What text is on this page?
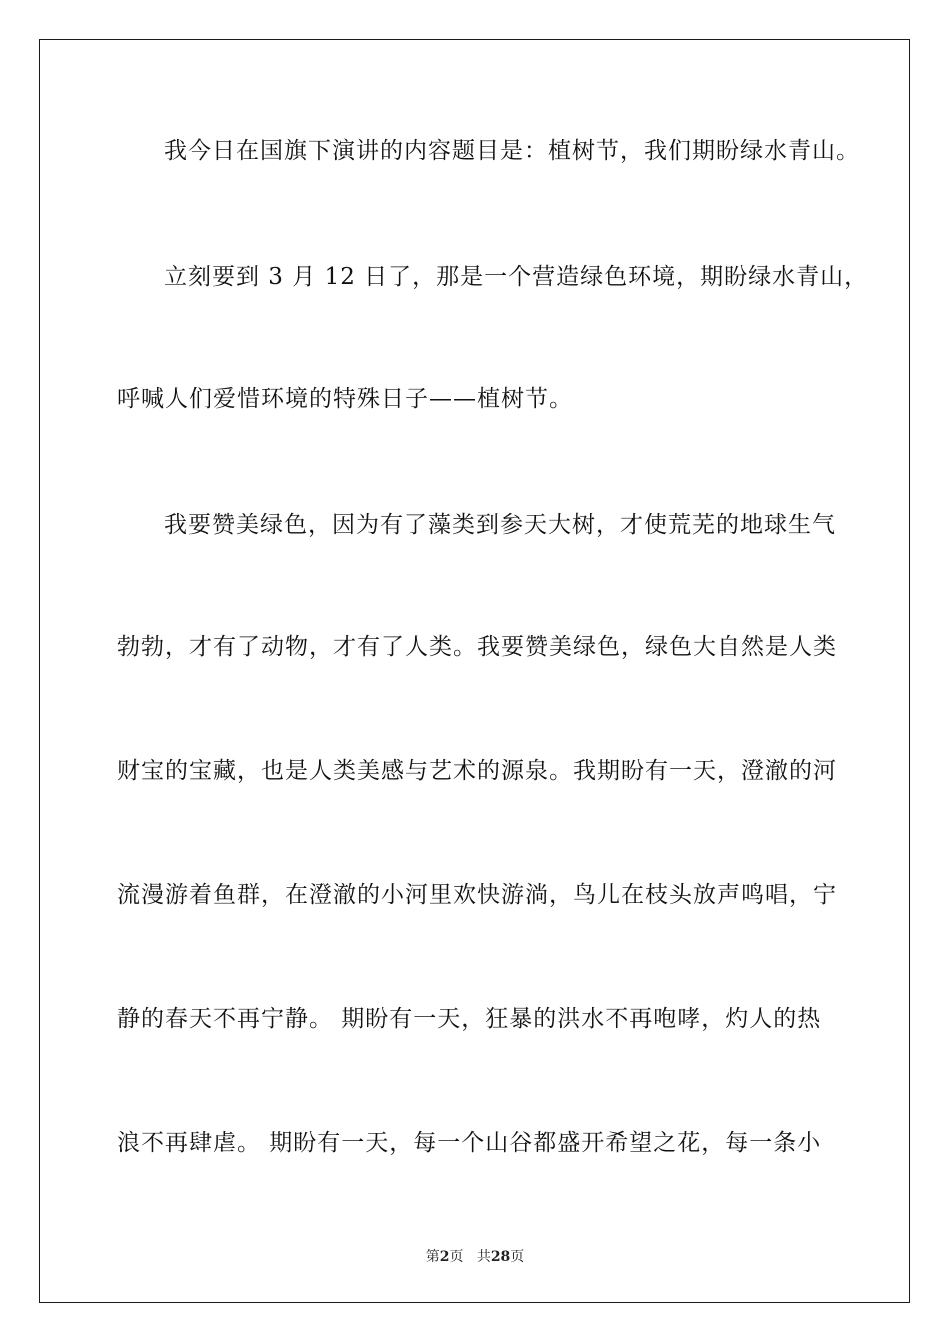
我今日在国旗下演讲的内容题目是：植树节，我们期盼绿水青山。

立刻要到 3 月 12 日了，那是一个营造绿色环境，期盼绿水青山，

呼喊人们爱惜环境的特殊日子——植树节。

我要赞美绿色，因为有了藻类到参天大树，才使荒芜的地球生气

勃勃，才有了动物，才有了人类。我要赞美绿色，绿色大自然是人类

财宝的宝藏，也是人类美感与艺术的源泉。我期盼有一天，澄澈的河

流漫游着鱼群，在澄澈的小河里欢快游淌，鸟儿在枝头放声鸣唱，宁

静的春天不再宁静。 期盼有一天，狂暴的洪水不再咆哮，灼人的热

浪不再肆虐。 期盼有一天，每一个山谷都盛开希望之花，每一条小

第2页 共28页
